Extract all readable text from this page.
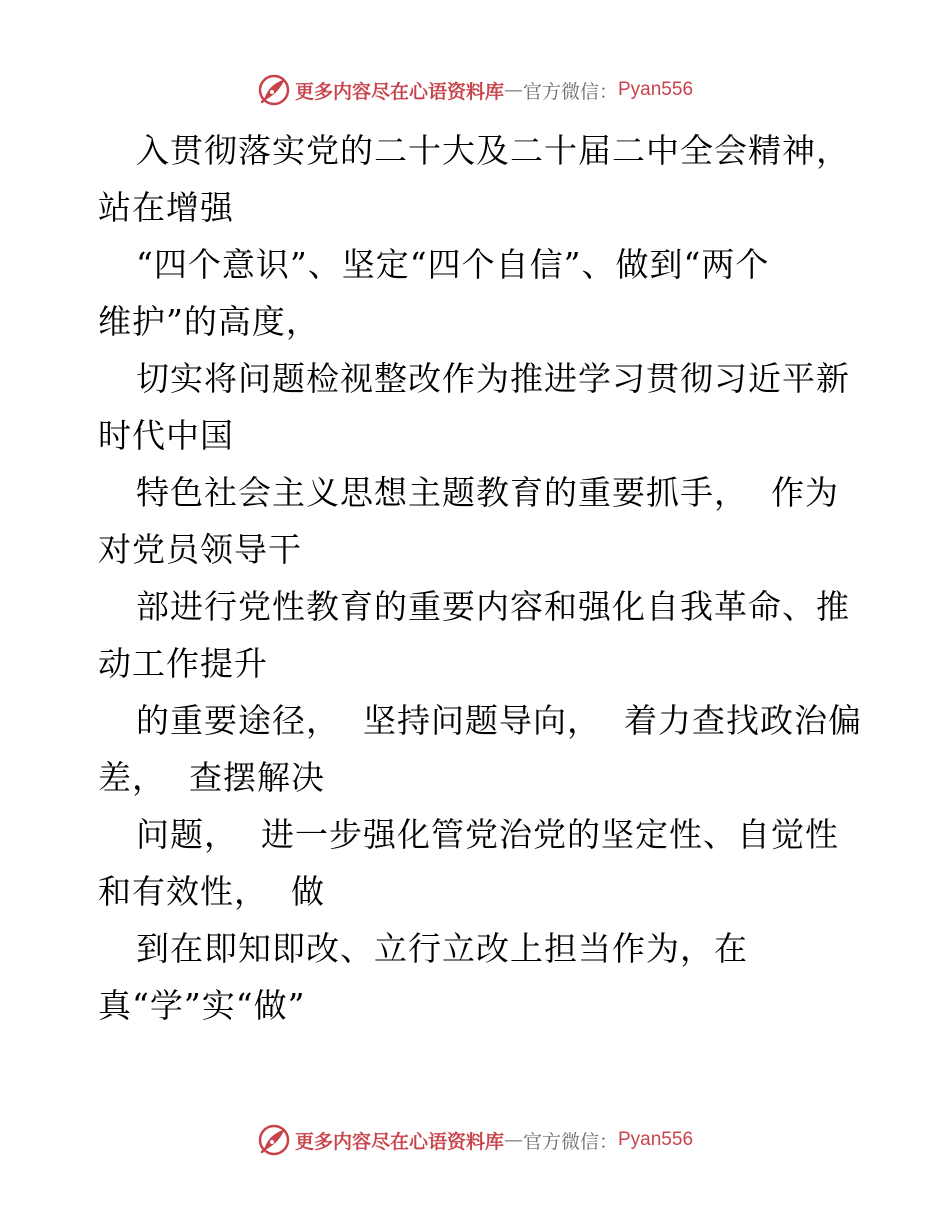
更多内容尽在心语资料库 — 官方微信： Pyan556
入贯彻落实党的二十大及二十届二中全会精神，
站在增强
“四个意识”、坚定“四个自信”、做到“两个
维护”的高度，
切实将问题检视整改作为推进学习贯彻习近平新
时代中国
特色社会主义思想主题教育的重要抓手，  作为
对党员领导干
部进行党性教育的重要内容和强化自我革命、推
动工作提升
的重要途径，  坚持问题导向，  着力查找政治偏
差，  查摆解决
问题，  进一步强化管党治党的坚定性、自觉性
和有效性，  做
到在即知即改、立行立改上担当作为，在
真“学”实“做”
更多内容尽在心语资料库 — 官方微信： Pyan556
